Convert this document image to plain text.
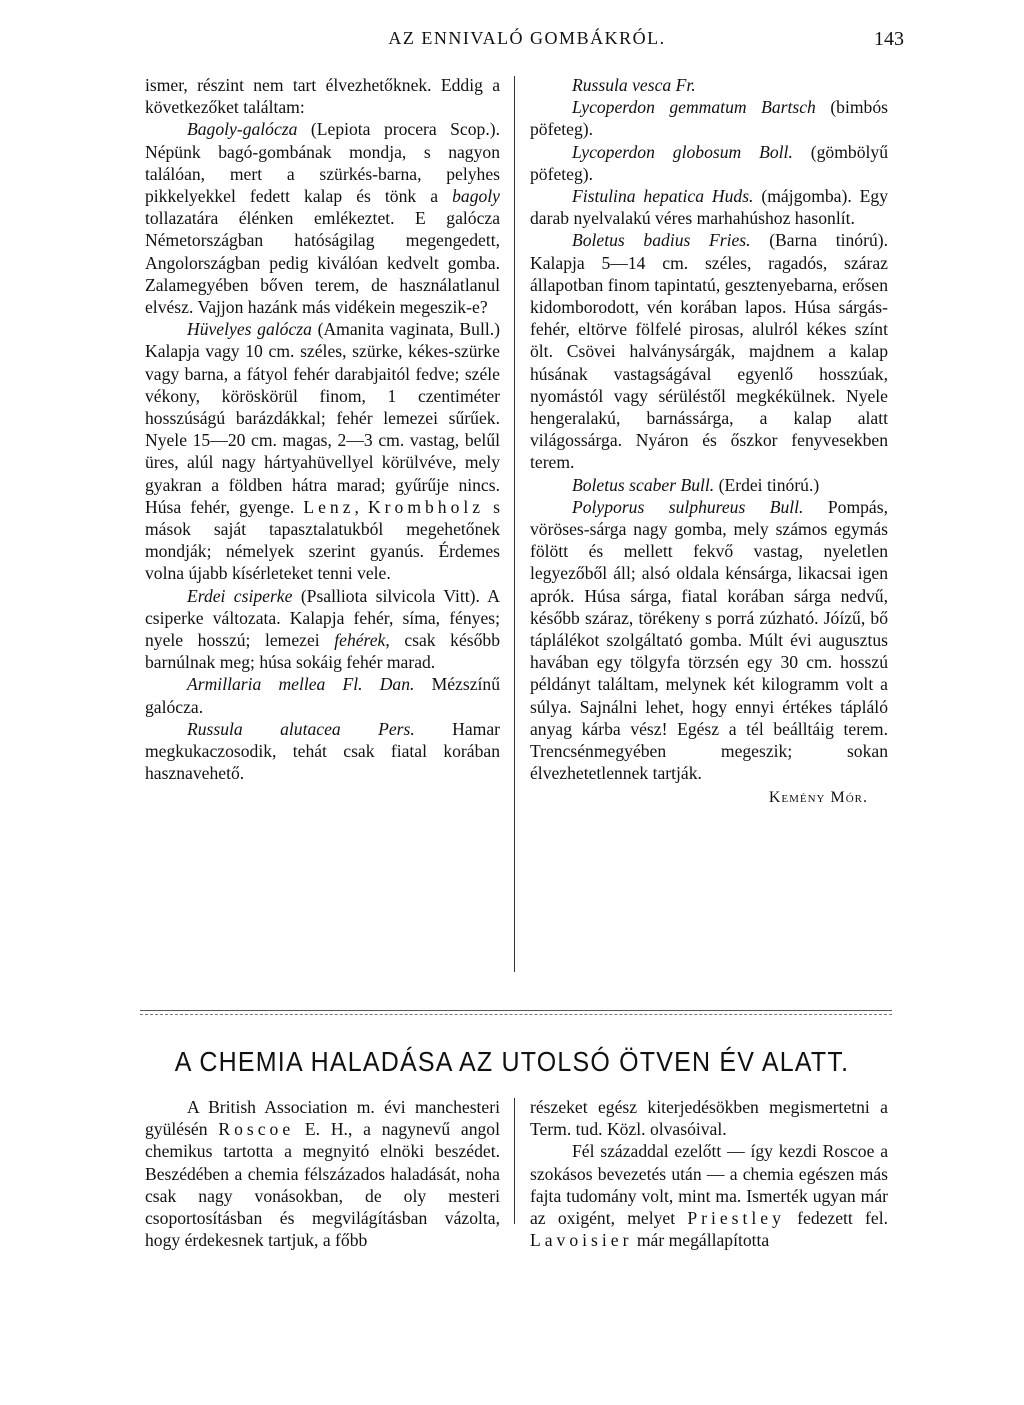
AZ ENNIVALÓ GOMBÁKRÓL.	143

ismer, részint nem tart élvezhetőknek. Eddig a következőket találtam:

Bagoly-galócza (Lepiota procera Scop.). Népünk bagó-gombának mondja, s nagyon találóan, mert a szürkés-barna, pelyhes pikkelyekkel fedett kalap és tönk a bagoly tollazatára élénken emlékeztet. E galócza Németországban hatóságilag megengedett, Angolországban pedig kiválóan kedvelt gomba. Zalamegyében bőven terem, de használatlanul elvész. Vajjon hazánk más vidékein megeszik-e?

Hüvelyes galócza (Amanita vaginata, Bull.) Kalapja vagy 10 cm. széles, szürke, kékes-szürke vagy barna, a fátyol fehér darabjaitól fedve; széle vékony, köröskörül finom, 1 czentiméter hosszúságú barázdákkal; fehér lemezei sűrűek. Nyele 15—20 cm. magas, 2—3 cm. vastag, belűl üres, alúl nagy hártyahüvellyel körülvéve, mely gyakran a földben hátra marad; gyűrűje nincs. Húsa fehér, gyenge. Lenz, Krombholz s mások saját tapasztalatukból megehetőnek mondják; némelyek szerint gyanús. Érdemes volna újabb kísérleteket tenni vele.

Erdei csiperke (Psalliota silvicola Vitt). A csiperke változata. Kalapja fehér, síma, fényes; nyele hosszú; lemezei fehérek, csak később barnúlnak meg; húsa sokáig fehér marad.

Armillaria mellea Fl. Dan. Mézszínű galócza.

Russula alutacea Pers. Hamar megkukaczosodik, tehát csak fiatal korában hasznavehető.

Russula vesca Fr.

Lycoperdon gemmatum Bartsch (bimbós pöfeteg).

Lycoperdon globosum Boll. (gömbölyű pöfeteg).

Fistulina hepatica Huds. (májgomba). Egy darab nyelvalakú véres marhahúshoz hasonlít.

Boletus badius Fries. (Barna tinórú). Kalapja 5—14 cm. széles, ragadós, száraz állapotban finom tapintatú, gesztenyebarna, erősen kidomborodott, vén korában lapos. Húsa sárgás-fehér, eltörve fölfelé pirosas, alulról kékes színt ölt. Csövei halványsárgák, majdnem a kalap húsának vastagságával egyenlő hosszúak, nyomástól vagy sérüléstől megkékülnek. Nyele hengeralakú, barnássárga, a kalap alatt világossárga. Nyáron és őszkor fenyvesekben terem.

Boletus scaber Bull. (Erdei tinórú.)

Polyporus sulphureus Bull. Pompás, vöröses-sárga nagy gomba, mely számos egymás fölött és mellett fekvő vastag, nyeletlen legyezőből áll; alsó oldala kénsárga, likacsai igen aprók. Húsa sárga, fiatal korában sárga nedvű, később száraz, törékeny s porrá zúzható. Jóízű, bő táplálékot szolgáltató gomba. Múlt évi augusztus havában egy tölgyfa törzsén egy 30 cm. hosszú példányt találtam, melynek két kilogramm volt a súlya. Sajnálni lehet, hogy ennyi értékes tápláló anyag kárba vész! Egész a tél beálltáig terem. Trencsénmegyében megeszik; sokan élvezhetetlennek tartják.

Kemény Mór.
A CHEMIA HALADÁSA AZ UTOLSÓ ÖTVEN ÉV ALATT.

A British Association m. évi manchesteri gyülésén Roscoe E. H., a nagynevű angol chemikus tartotta a megnyitó elnöki beszédet. Beszédében a chemia félszázados haladását, noha csak nagy vonásokban, de oly mesteri csoportosításban és megvilágításban vázolta, hogy érdekesnek tartjuk, a főbb

részeket egész kiterjedésökben megismertetni a Term. tud. Közl. olvasóival.

Fél századdal ezelőtt — így kezdi Roscoe a szokásos bevezetés után — a chemia egészen más fajta tudomány volt, mint ma. Ismerték ugyan már az oxigént, melyet Priestley fedezett fel. Lavoisier már megállapította
